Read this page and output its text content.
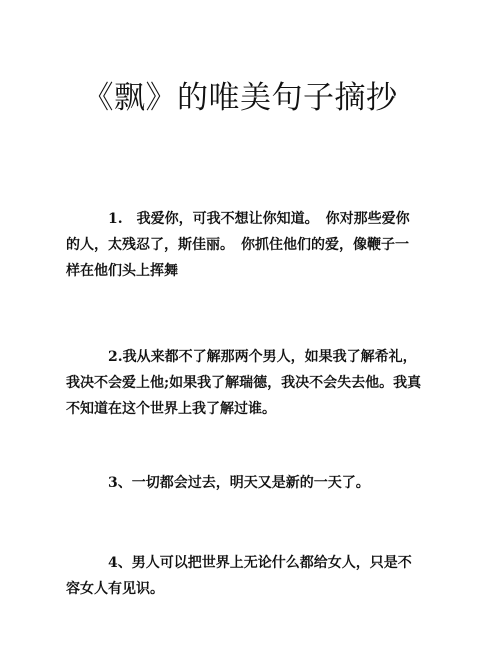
《飘》的唯美句子摘抄

1.　我爱你，可我不想让你知道。　你对那些爱你的人，太残忍了，斯佳丽。　你抓住他们的爱，像鞭子一样在他们头上挥舞

2.我从来都不了解那两个男人，如果我了解希礼，我决不会爱上他;如果我了解瑞德，我决不会失去他。我真不知道在这个世界上我了解过谁。

3、一切都会过去，明天又是新的一天了。

4、男人可以把世界上无论什么都给女人，只是不容女人有见识。
